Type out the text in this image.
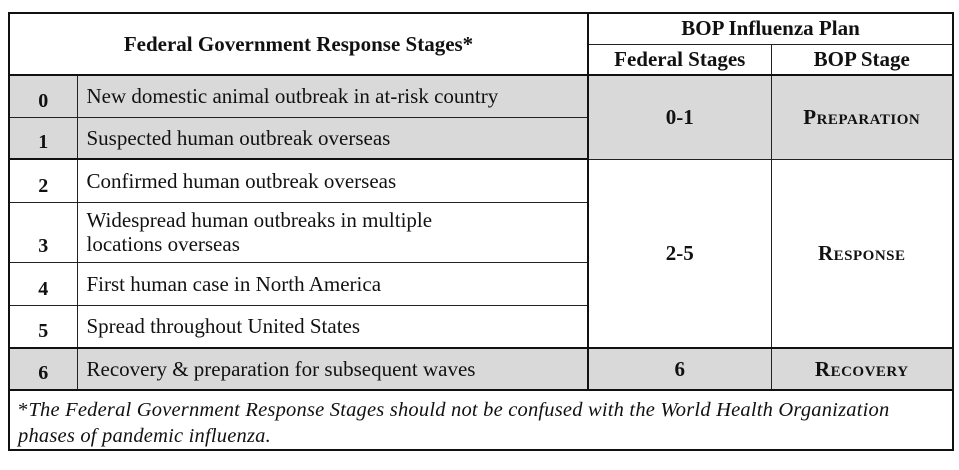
Federal Government Response Stages*		BOP Influenza Plan	
		Federal Stages	BOP Stage
0	New domestic animal outbreak in at-risk country	0-1	Preparation
1	Suspected human outbreak overseas		
2	Confirmed human outbreak overseas	2-5	Response
3	Widespread human outbreaks in multiple locations overseas		
4	First human case in North America		
5	Spread throughout United States		
6	Recovery & preparation for subsequent waves	6	Recovery

*The Federal Government Response Stages should not be confused with the World Health Organization phases of pandemic influenza.			
